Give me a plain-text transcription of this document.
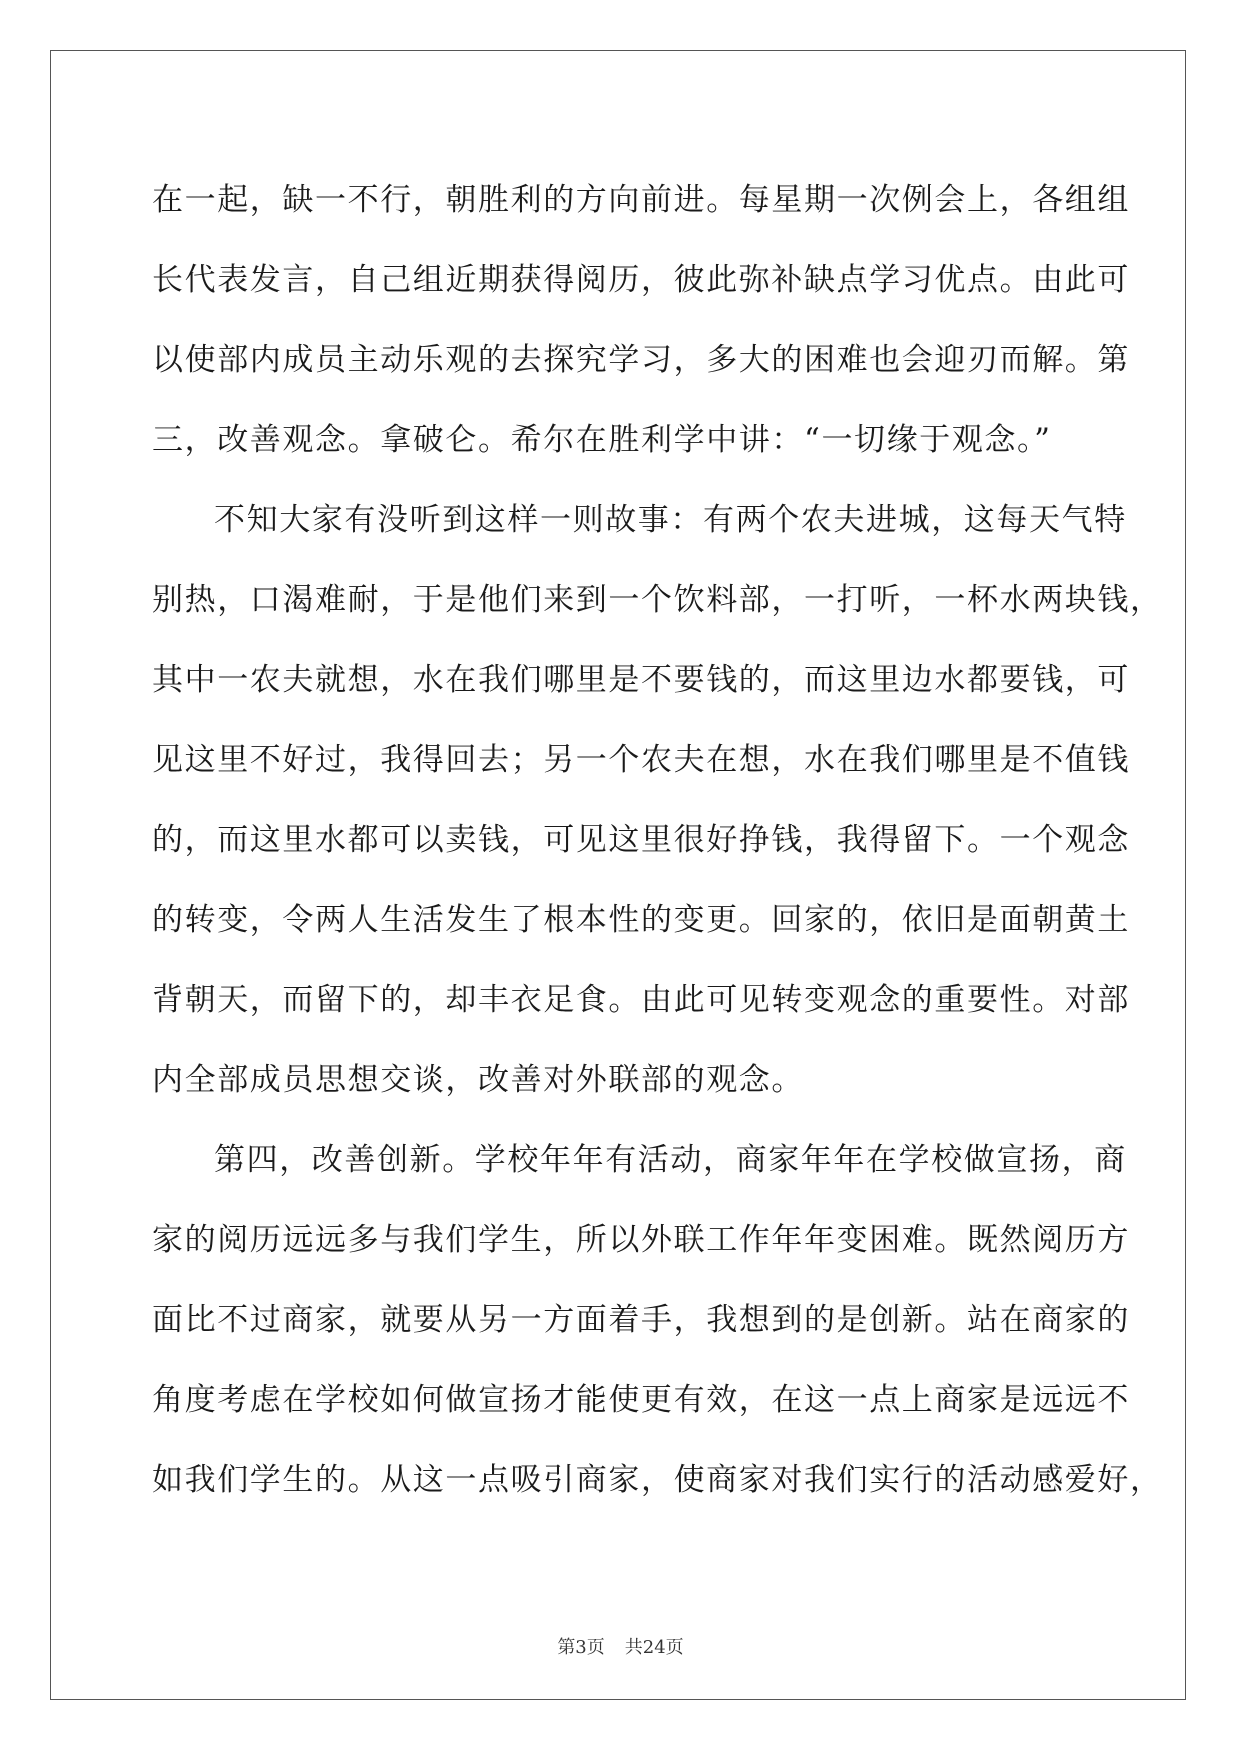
在一起，缺一不行，朝胜利的方向前进。每星期一次例会上，各组组
长代表发言，自己组近期获得阅历，彼此弥补缺点学习优点。由此可
以使部内成员主动乐观的去探究学习，多大的困难也会迎刃而解。第
三，改善观念。拿破仑。希尔在胜利学中讲：“一切缘于观念。”
不知大家有没听到这样一则故事：有两个农夫进城，这每天气特
别热，口渴难耐，于是他们来到一个饮料部，一打听，一杯水两块钱，
其中一农夫就想，水在我们哪里是不要钱的，而这里边水都要钱，可
见这里不好过，我得回去；另一个农夫在想，水在我们哪里是不值钱
的，而这里水都可以卖钱，可见这里很好挣钱，我得留下。一个观念
的转变，令两人生活发生了根本性的变更。回家的，依旧是面朝黄土
背朝天，而留下的，却丰衣足食。由此可见转变观念的重要性。对部
内全部成员思想交谈，改善对外联部的观念。
第四，改善创新。学校年年有活动，商家年年在学校做宣扬，商
家的阅历远远多与我们学生，所以外联工作年年变困难。既然阅历方
面比不过商家，就要从另一方面着手，我想到的是创新。站在商家的
角度考虑在学校如何做宣扬才能使更有效，在这一点上商家是远远不
如我们学生的。从这一点吸引商家，使商家对我们实行的活动感爱好，
第3页 共24页
